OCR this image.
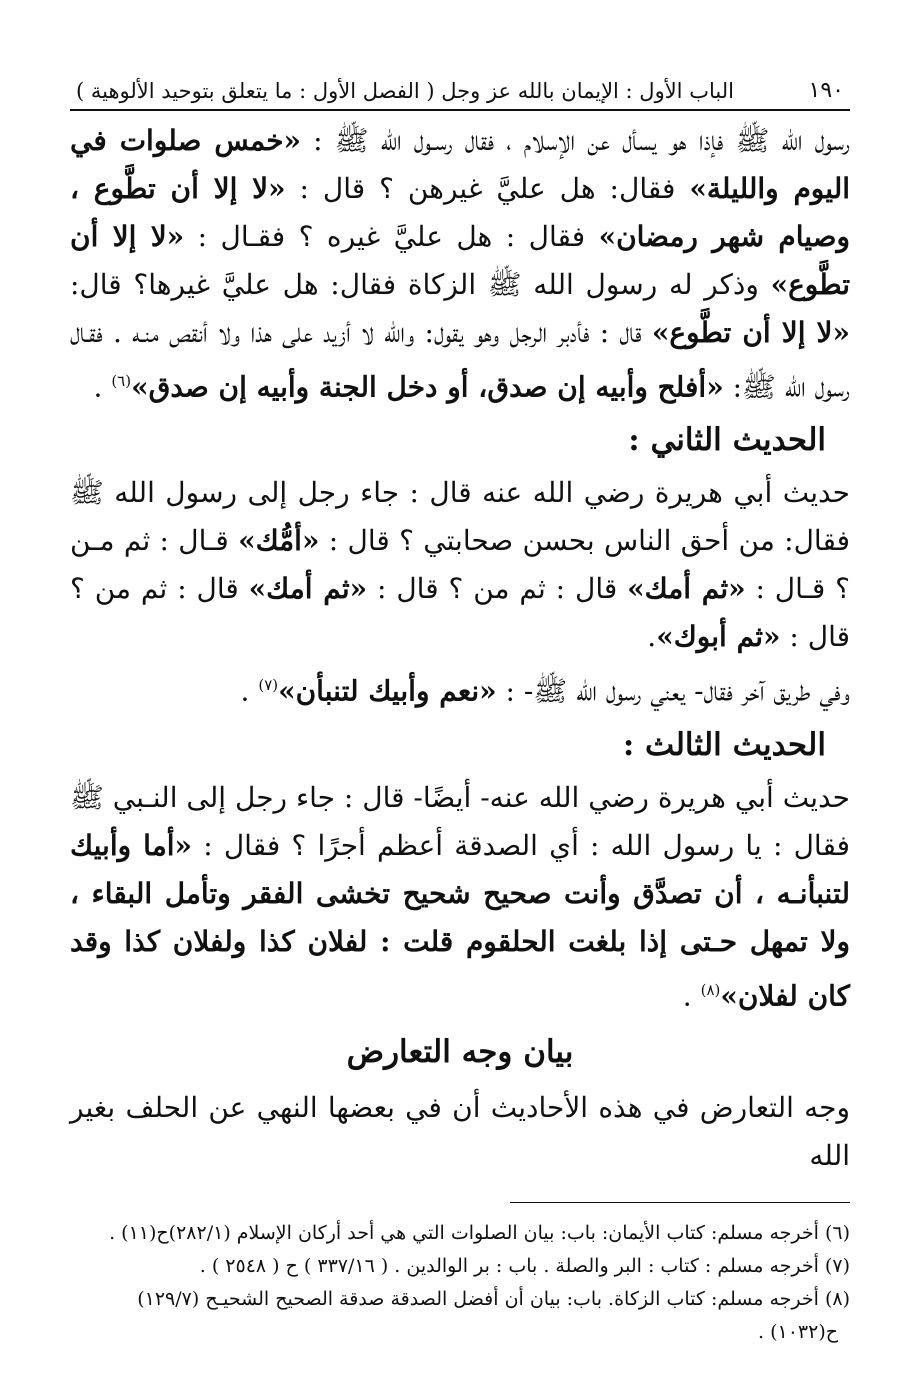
١٩٠
الباب الأول : الإيمان بالله عز وجل ( الفصل الأول : ما يتعلق بتوحيد الألوهية )

رسول الله ﷺ فإذا هو يسأل عن الإسلام ، فقال رسـول الله ﷺ : «خمس صلوات في اليوم والليلة» فقال: هل عليَّ غيرهن ؟ قال : «لا إلا أن تطَّوع ، وصيام شهر رمضان» فقال : هل عليَّ غيره ؟ فقـال : «لا إلا أن تطَّوع» وذكر له رسول الله ﷺ الزكاة فقال: هل عليَّ غيرها؟ قال: «لا إلا أن تطَّوع» قال : فأدبر الرجل وهو يقول: والله لا أزيد على هذا ولا أنقص منـه . فقـال رسول الله ﷺ: «أفلح وأبيه إن صدق، أو دخل الجنة وأبيه إن صدق»$^{(٦)}$ .

الحديث الثاني :

حديث أبي هريرة رضي الله عنه قال : جاء رجل إلى رسول الله ﷺ فقال: من أحق الناس بحسن صحابتي ؟ قال : «أمُّك» قـال : ثم مـن ؟ قـال : «ثم أمك» قال : ثم من ؟ قال : «ثم أمك» قال : ثم من ؟ قال : «ثم أبوك».

وفي طريق آخر فقال- يعني رسول الله ﷺ- : «نعم وأبيك لتنبأن»$^{(٧)}$ .

الحديث الثالث :

حديث أبي هريرة رضي الله عنه- أيضًا- قال : جاء رجل إلى النـبي ﷺ فقال : يا رسول الله : أي الصدقة أعظم أجرًا ؟ فقال : «أما وأبيك لتنبأنـه ، أن تصدَّق وأنت صحيح شحيح تخشى الفقر وتأمل البقاء ، ولا تمهل حـتى إذا بلغت الحلقوم قلت : لفلان كذا ولفلان كذا وقد كان لفلان»$^{(٨)}$ .

بيان وجه التعارض

وجه التعارض في هذه الأحاديث أن في بعضها النهي عن الحلف بغير الله

(٦) أخرجه مسلم: كتاب الأيمان: باب: بيان الصلوات التي هي أحد أركان الإسلام (٢٨٢/١)ح(١١) .

(٧) أخرجه مسلم : كتاب : البر والصلة . باب : بر الوالدين . ( ٣٣٧/١٦ ) ح ( ٢٥٤٨ ) .

(٨) أخرجه مسلم: كتاب الزكاة. باب: بيان أن أفضل الصدقة صدقة الصحيح الشحيـح (١٢٩/٧)

ح(١٠٣٢) .
